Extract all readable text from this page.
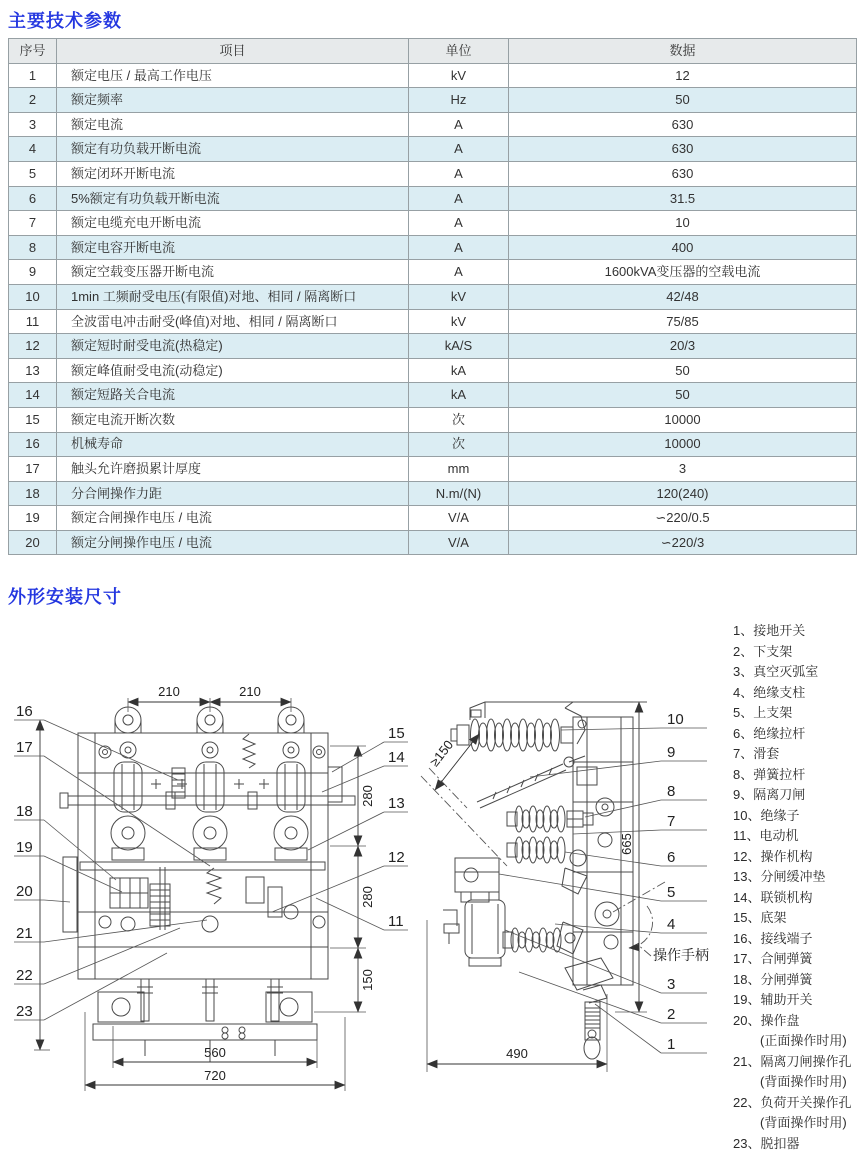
主要技术参数
序号	项目	单位	数据
1	额定电压 / 最高工作电压	kV	12
2	额定频率	Hz	50
3	额定电流	A	630
4	额定有功负载开断电流	A	630
5	额定闭环开断电流	A	630
6	5%额定有功负载开断电流	A	31.5
7	额定电缆充电开断电流	A	10
8	额定电容开断电流	A	400
9	额定空载变压器开断电流	A	1600kVA变压器的空载电流
10	1min 工频耐受电压(有限值)对地、相同 / 隔离断口	kV	42/48
11	全波雷电冲击耐受(峰值)对地、相同 / 隔离断口	kV	75/85
12	额定短时耐受电流(热稳定)	kA/S	20/3
13	额定峰值耐受电流(动稳定)	kA	50
14	额定短路关合电流	kA	50
15	额定电流开断次数	次	10000
16	机械寿命	次	10000
17	触头允许磨损累计厚度	mm	3
18	分合闸操作力距	N.m/(N)	120(240)
19	额定合闸操作电压 / 电流	V/A	∽220/0.5
20	额定分闸操作电压 / 电流	V/A	∽220/3
外形安装尺寸
210	210
280
280
150
560
720
16
17
18
19
20
21
22
23
15
14
13
12
11
≥150
665
490
10
9
8
7
6
5
4
3
2
1
操作手柄
1、接地开关
2、下支架
3、真空灭弧室
4、绝缘支柱
5、上支架
6、绝缘拉杆
7、滑套
8、弹簧拉杆
9、隔离刀闸
10、绝缘子
11、电动机
12、操作机构
13、分闸缓冲垫
14、联锁机构
15、底架
16、接线端子
17、合闸弹簧
18、分闸弹簧
19、辅助开关
20、操作盘
(正面操作时用)
21、隔离刀闸操作孔
(背面操作时用)
22、负荷开关操作孔
(背面操作时用)
23、脱扣器
